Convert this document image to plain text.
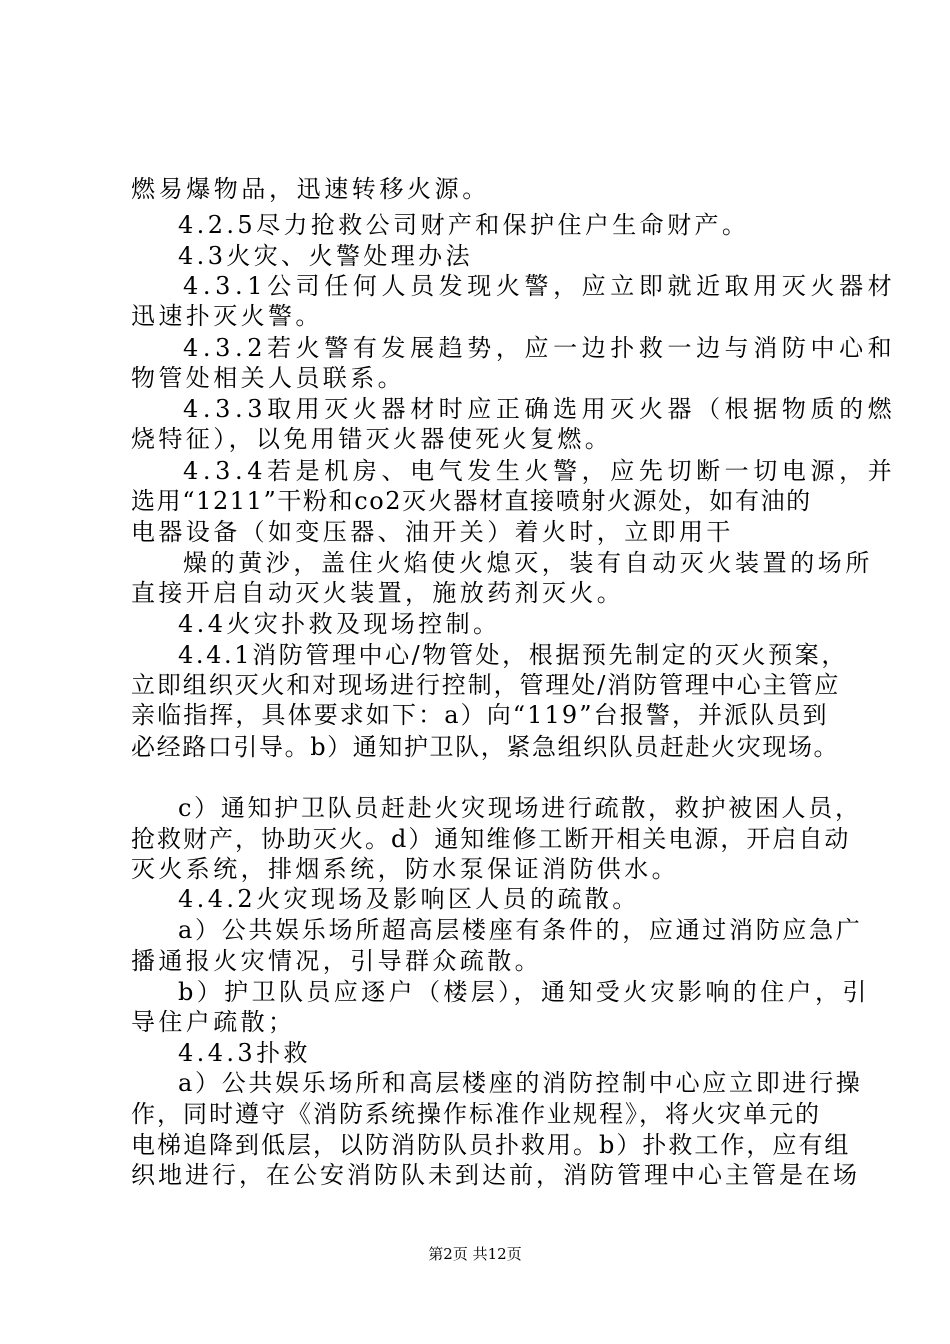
燃易爆物品，迅速转移火源。
4.2.5尽力抢救公司财产和保护住户生命财产。
4.3火灾、火警处理办法
4.3.1公司任何人员发现火警，应立即就近取用灭火器材
迅速扑灭火警。
4.3.2若火警有发展趋势，应一边扑救一边与消防中心和
物管处相关人员联系。
4.3.3取用灭火器材时应正确选用灭火器（根据物质的燃
烧特征），以免用错灭火器使死火复燃。
4.3.4若是机房、电气发生火警，应先切断一切电源，并
选用“1211”干粉和co2灭火器材直接喷射火源处，如有油的
电器设备（如变压器、油开关）着火时，立即用干
燥的黄沙，盖住火焰使火熄灭，装有自动灭火装置的场所
直接开启自动灭火装置，施放药剂灭火。
4.4火灾扑救及现场控制。
4.4.1消防管理中心/物管处，根据预先制定的灭火预案，
立即组织灭火和对现场进行控制，管理处/消防管理中心主管应
亲临指挥，具体要求如下：a）向“119”台报警，并派队员到
必经路口引导。b）通知护卫队，紧急组织队员赶赴火灾现场。
c）通知护卫队员赶赴火灾现场进行疏散，救护被困人员，
抢救财产，协助灭火。d）通知维修工断开相关电源，开启自动
灭火系统，排烟系统，防水泵保证消防供水。
4.4.2火灾现场及影响区人员的疏散。
a）公共娱乐场所超高层楼座有条件的，应通过消防应急广
播通报火灾情况，引导群众疏散。
b）护卫队员应逐户（楼层），通知受火灾影响的住户，引
导住户疏散；
4.4.3扑救
a）公共娱乐场所和高层楼座的消防控制中心应立即进行操
作，同时遵守《消防系统操作标准作业规程》，将火灾单元的
电梯追降到低层，以防消防队员扑救用。b）扑救工作，应有组
织地进行，在公安消防队未到达前，消防管理中心主管是在场
第2页 共12页
